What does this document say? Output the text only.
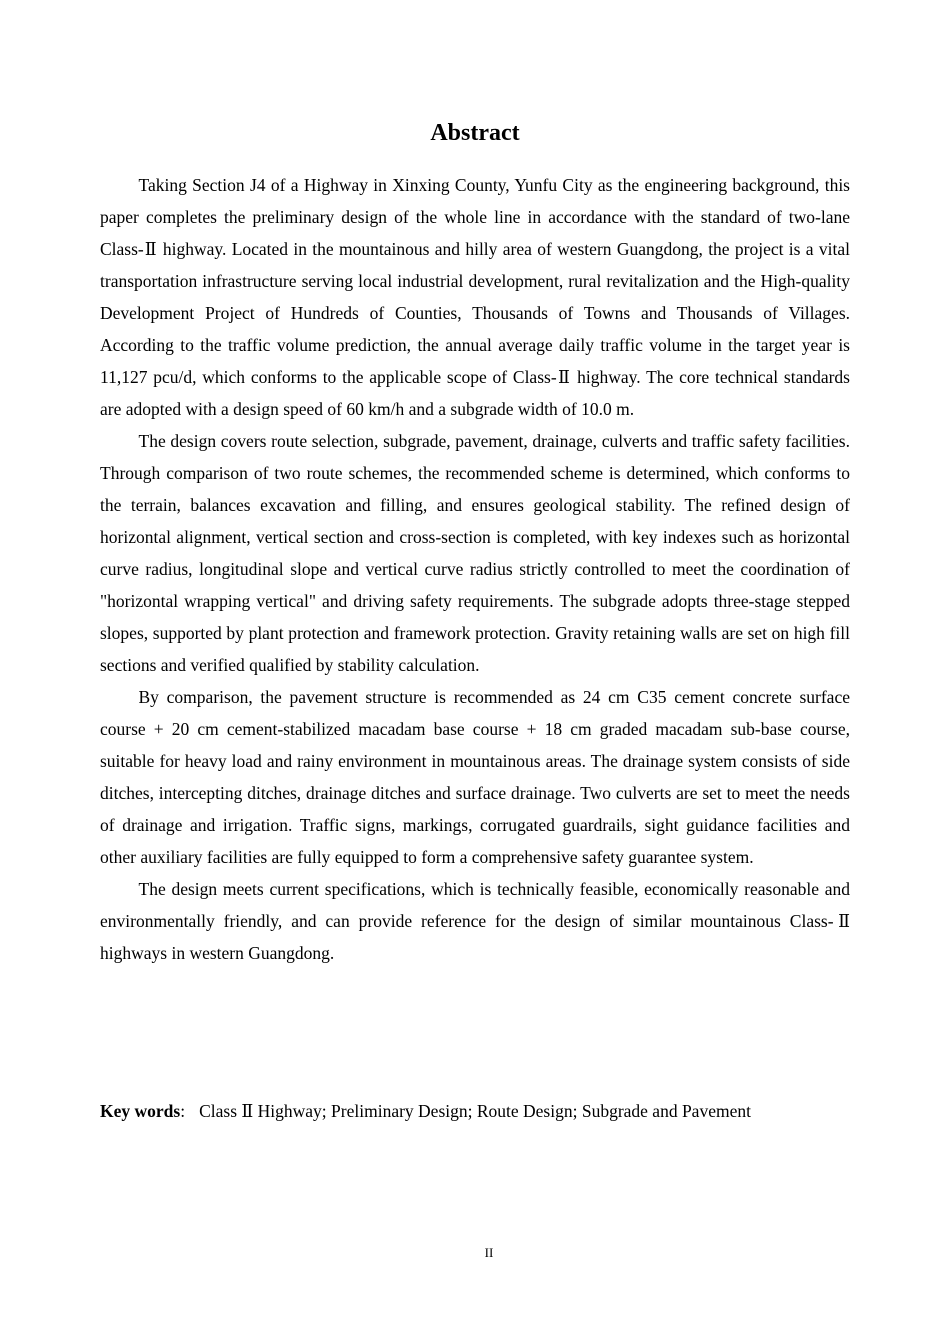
Abstract

Taking Section J4 of a Highway in Xinxing County, Yunfu City as the engineering background, this paper completes the preliminary design of the whole line in accordance with the standard of two-lane Class-Ⅱ highway. Located in the mountainous and hilly area of western Guangdong, the project is a vital transportation infrastructure serving local industrial development, rural revitalization and the High-quality Development Project of Hundreds of Counties, Thousands of Towns and Thousands of Villages. According to the traffic volume prediction, the annual average daily traffic volume in the target year is 11,127 pcu/d, which conforms to the applicable scope of Class-Ⅱ highway. The core technical standards are adopted with a design speed of 60 km/h and a subgrade width of 10.0 m.

The design covers route selection, subgrade, pavement, drainage, culverts and traffic safety facilities. Through comparison of two route schemes, the recommended scheme is determined, which conforms to the terrain, balances excavation and filling, and ensures geological stability. The refined design of horizontal alignment, vertical section and cross-section is completed, with key indexes such as horizontal curve radius, longitudinal slope and vertical curve radius strictly controlled to meet the coordination of "horizontal wrapping vertical" and driving safety requirements. The subgrade adopts three-stage stepped slopes, supported by plant protection and framework protection. Gravity retaining walls are set on high fill sections and verified qualified by stability calculation.

By comparison, the pavement structure is recommended as 24 cm C35 cement concrete surface course + 20 cm cement-stabilized macadam base course + 18 cm graded macadam sub-base course, suitable for heavy load and rainy environment in mountainous areas. The drainage system consists of side ditches, intercepting ditches, drainage ditches and surface drainage. Two culverts are set to meet the needs of drainage and irrigation. Traffic signs, markings, corrugated guardrails, sight guidance facilities and other auxiliary facilities are fully equipped to form a comprehensive safety guarantee system.

The design meets current specifications, which is technically feasible, economically reasonable and environmentally friendly, and can provide reference for the design of similar mountainous Class-Ⅱ highways in western Guangdong.

Key words: Class Ⅱ Highway; Preliminary Design; Route Design; Subgrade and Pavement
II
